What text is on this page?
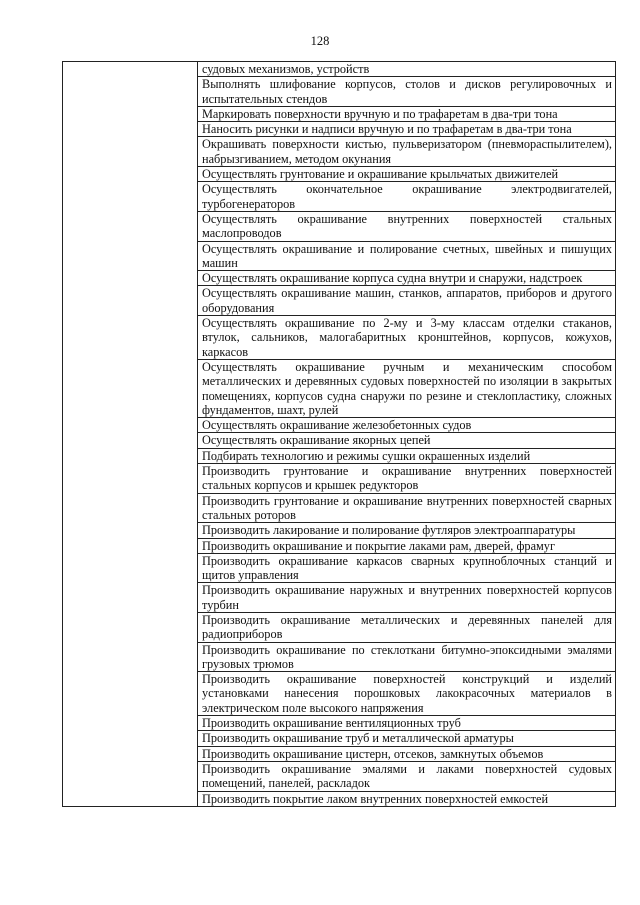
128
	судовых механизмов, устройств
Выполнять шлифование корпусов, столов и дисков регулировочных и испытательных стендов
Маркировать поверхности вручную и по трафаретам в два-три тона
Наносить рисунки и надписи вручную и по трафаретам в два-три тона
Окрашивать поверхности кистью, пульверизатором (пневмораспылителем), набрызгиванием, методом окунания
Осуществлять грунтование и окрашивание крыльчатых движителей
Осуществлять окончательное окрашивание электродвигателей, турбогенераторов
Осуществлять окрашивание внутренних поверхностей стальных маслопроводов
Осуществлять окрашивание и полирование счетных, швейных и пишущих машин
Осуществлять окрашивание корпуса судна внутри и снаружи, надстроек
Осуществлять окрашивание машин, станков, аппаратов, приборов и другого оборудования
Осуществлять окрашивание по 2-му и 3-му классам отделки стаканов, втулок, сальников, малогабаритных кронштейнов, корпусов, кожухов, каркасов
Осуществлять окрашивание ручным и механическим способом металлических и деревянных судовых поверхностей по изоляции в закрытых помещениях, корпусов судна снаружи по резине и стеклопластику, сложных фундаментов, шахт, рулей
Осуществлять окрашивание железобетонных судов
Осуществлять окрашивание якорных цепей
Подбирать технологию и режимы сушки окрашенных изделий
Производить грунтование и окрашивание внутренних поверхностей стальных корпусов и крышек редукторов
Производить грунтование и окрашивание внутренних поверхностей сварных стальных роторов
Производить лакирование и полирование футляров электроаппаратуры
Производить окрашивание и покрытие лаками рам, дверей, фрамуг
Производить окрашивание каркасов сварных крупноблочных станций и щитов управления
Производить окрашивание наружных и внутренних поверхностей корпусов турбин
Производить окрашивание металлических и деревянных панелей для радиоприборов
Производить окрашивание по стеклоткани битумно-эпоксидными эмалями грузовых трюмов
Производить окрашивание поверхностей конструкций и изделий установками нанесения порошковых лакокрасочных материалов в электрическом поле высокого напряжения
Производить окрашивание вентиляционных труб
Производить окрашивание труб и металлической арматуры
Производить окрашивание цистерн, отсеков, замкнутых объемов
Производить окрашивание эмалями и лаками поверхностей судовых помещений, панелей, раскладок
Производить покрытие лаком внутренних поверхностей емкостей
